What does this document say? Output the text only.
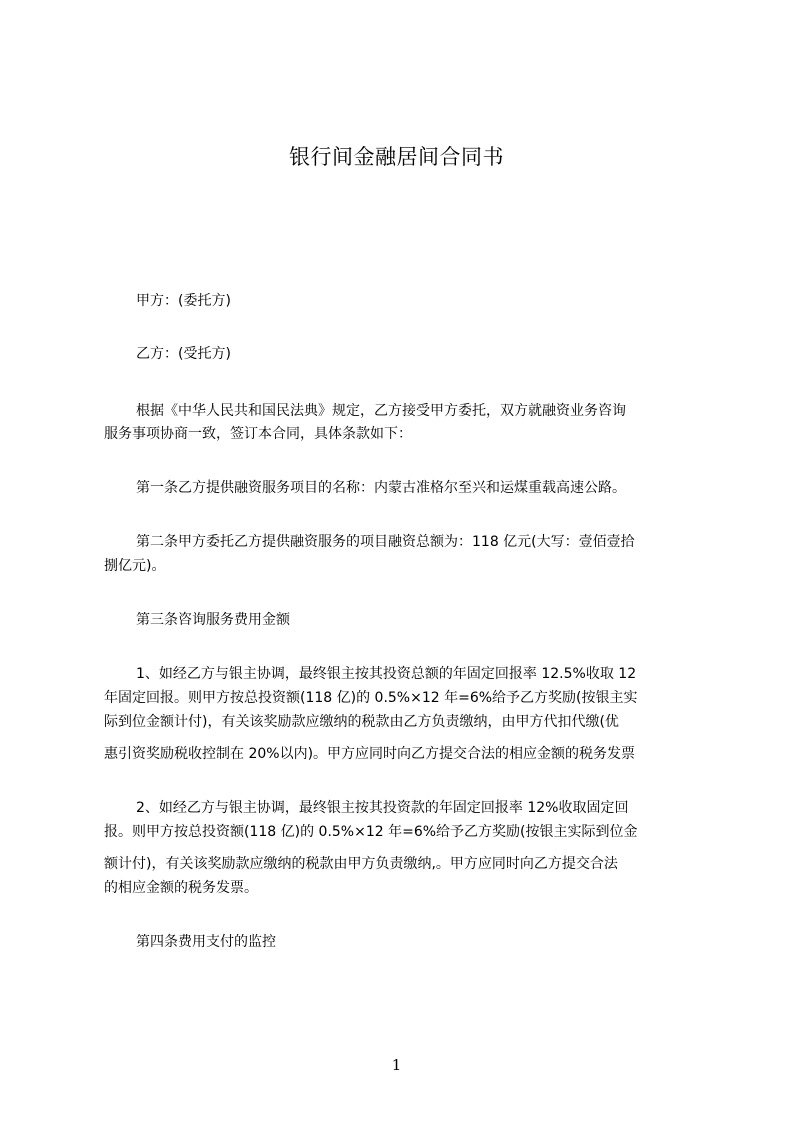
银行间金融居间合同书
甲方：(委托方)
乙方：(受托方)
根据《中华人民共和国民法典》规定，乙方接受甲方委托，双方就融资业务咨询
服务事项协商一致，签订本合同，具体条款如下：
第一条乙方提供融资服务项目的名称：内蒙古准格尔至兴和运煤重载高速公路。
第二条甲方委托乙方提供融资服务的项目融资总额为：118 亿元(大写：壹佰壹拾
捌亿元)。
第三条咨询服务费用金额
1、如经乙方与银主协调，最终银主按其投资总额的年固定回报率 12.5%收取 12
年固定回报。则甲方按总投资额(118 亿)的 0.5%×12 年=6%给予乙方奖励(按银主实
际到位金额计付)，有关该奖励款应缴纳的税款由乙方负责缴纳，由甲方代扣代缴(优
惠引资奖励税收控制在 20%以内)。甲方应同时向乙方提交合法的相应金额的税务发票
2、如经乙方与银主协调，最终银主按其投资款的年固定回报率 12%收取固定回
报。则甲方按总投资额(118 亿)的 0.5%×12 年=6%给予乙方奖励(按银主实际到位金
额计付)，有关该奖励款应缴纳的税款由甲方负责缴纳,。甲方应同时向乙方提交合法
的相应金额的税务发票。
第四条费用支付的监控
1
